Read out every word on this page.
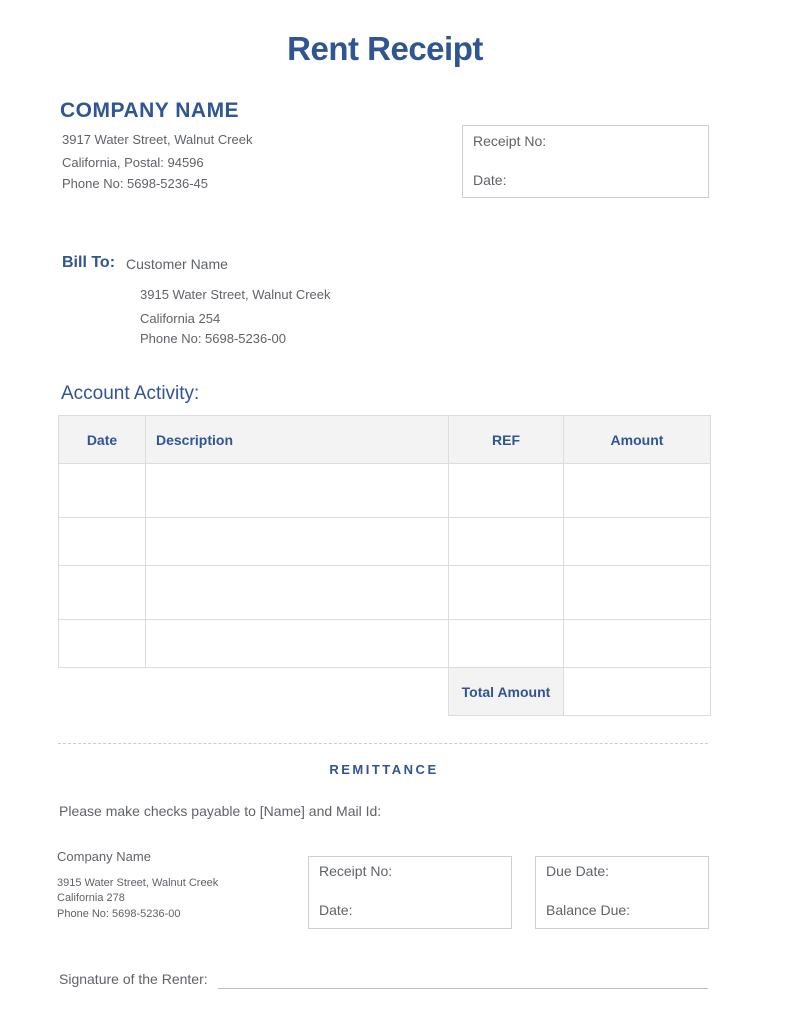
Rent Receipt
COMPANY NAME
3917 Water Street, Walnut Creek
California, Postal: 94596
Phone No: 5698-5236-45
Receipt No:
Date:
Bill To: Customer Name
3915 Water Street, Walnut Creek
California 254
Phone No: 5698-5236-00
Account Activity:
Date	Description	REF	Amount

		Total Amount	
REMITTANCE
Please make checks payable to [Name] and Mail Id:
Company Name
3915 Water Street, Walnut Creek
California 278
Phone No: 5698-5236-00
Receipt No:
Date:
Due Date:
Balance Due:
Signature of the Renter:
